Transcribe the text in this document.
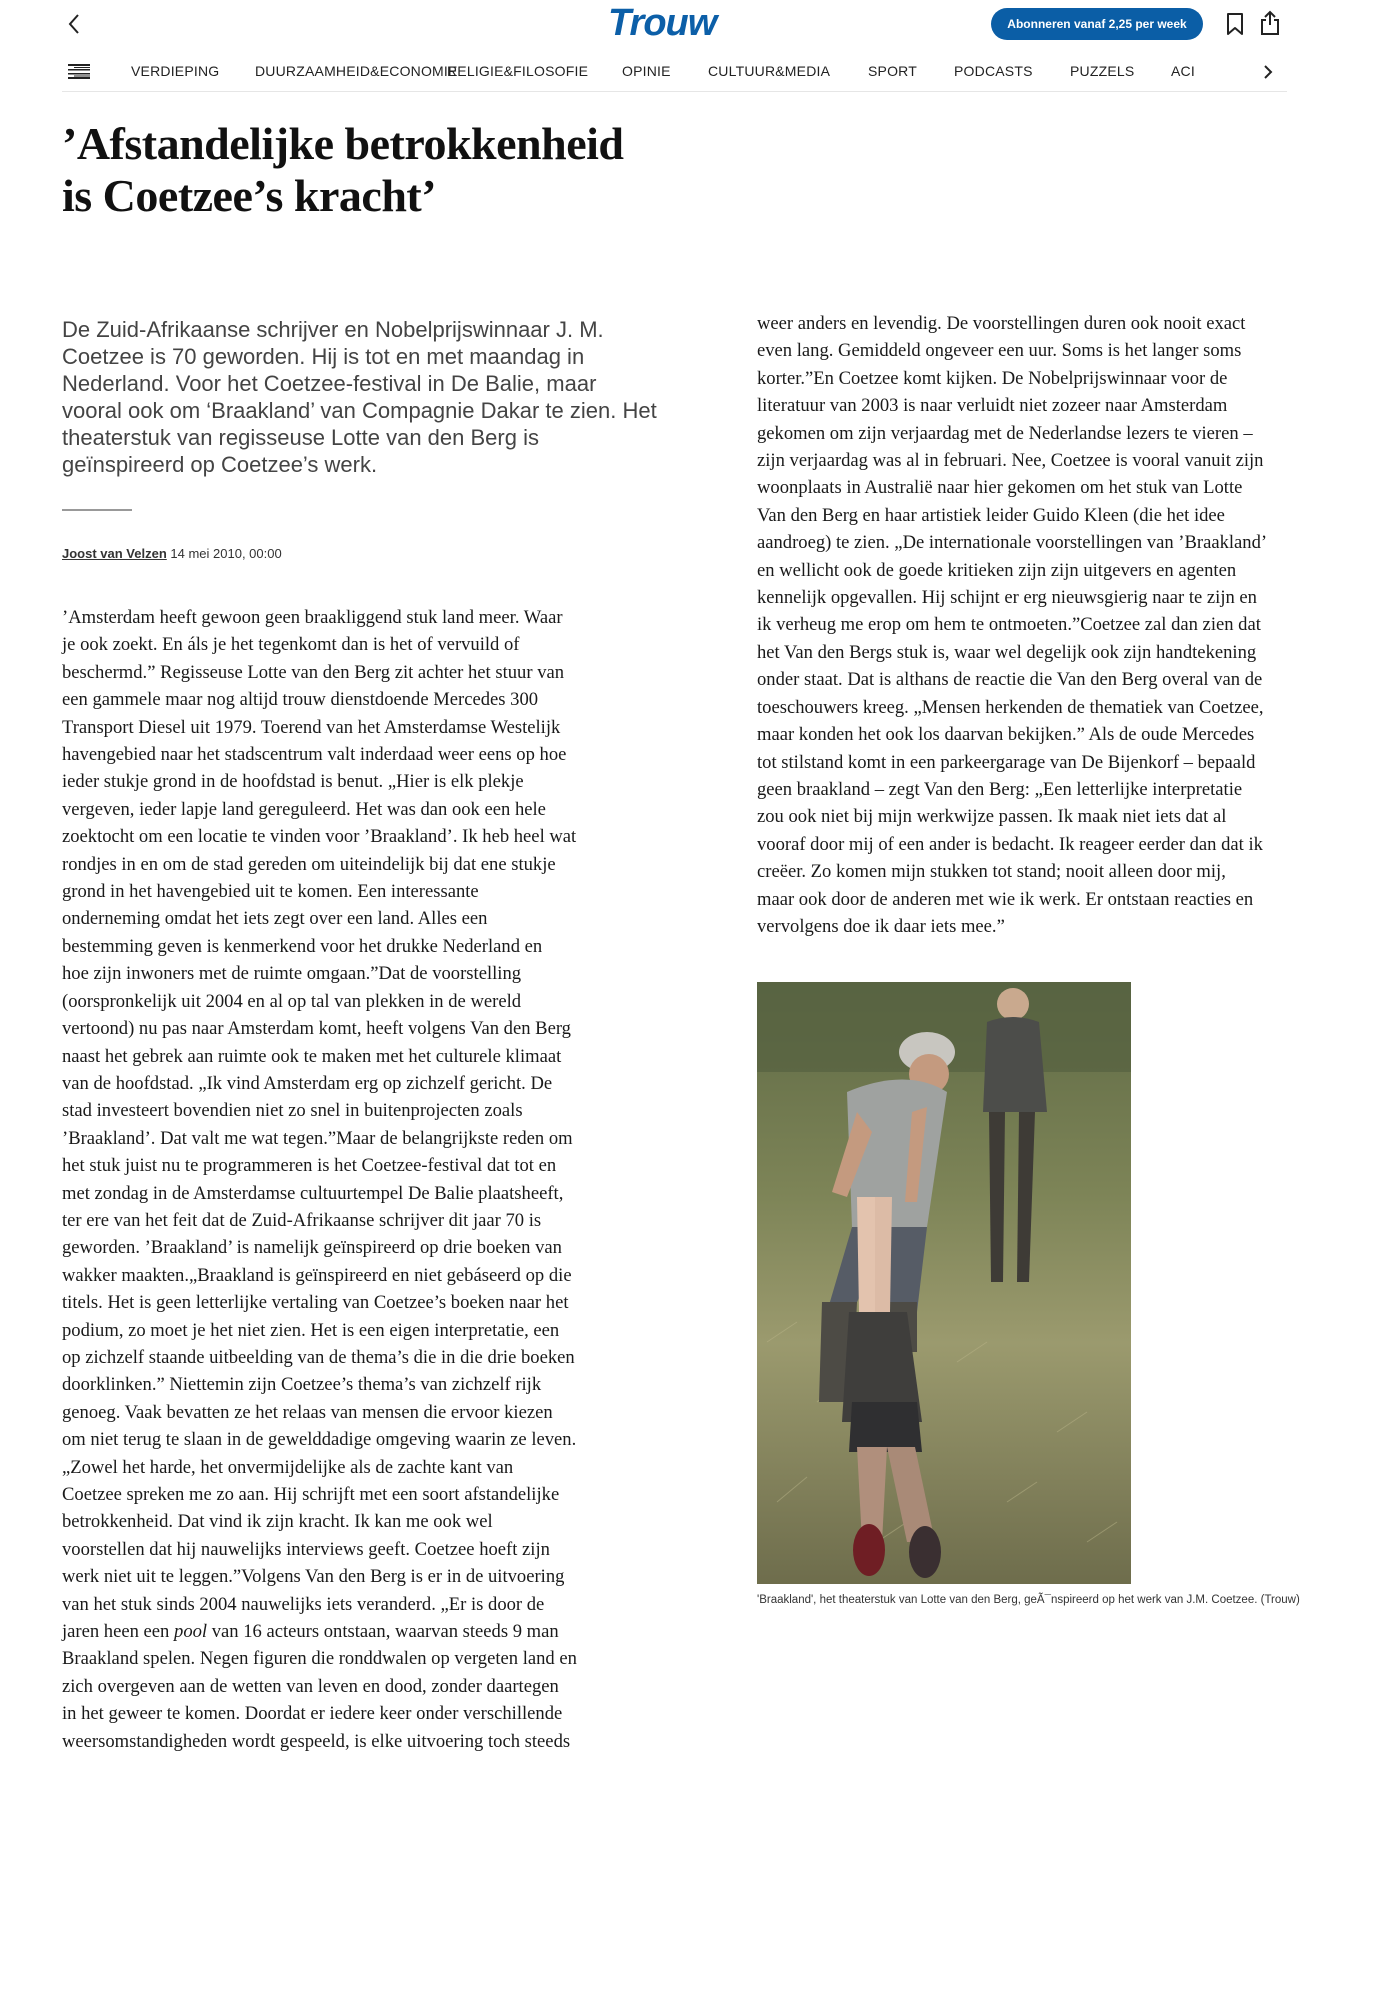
Trouw	Abonneren vanaf 2,25 per week
VERDIEPING	DUURZAAMHEID&ECONOMIE
RELIGIE&FILOSOFIE OPINIE	CULTUUR&MEDIA	SPORT	PODCASTS	PUZZELS	ACI
’Afstandelijke betrokkenheid is Coetzee’s kracht’

De Zuid-Afrikaanse schrijver en Nobelprijswinnaar J. M. Coetzee is 70 geworden. Hij is tot en met maandag in Nederland. Voor het Coetzee-festival in De Balie, maar vooral ook om ‘Braakland’ van Compagnie Dakar te zien. Het theaterstuk van regisseuse Lotte van den Berg is geïnspireerd op Coetzee’s werk.

Joost van Velzen 14 mei 2010, 00:00
’Amsterdam heeft gewoon geen braakliggend stuk land meer. Waar
je ook zoekt. En áls je het tegenkomt dan is het of vervuild of
beschermd.” Regisseuse Lotte van den Berg zit achter het stuur van
een gammele maar nog altijd trouw dienstdoende Mercedes 300
Transport Diesel uit 1979. Toerend van het Amsterdamse Westelijk
havengebied naar het stadscentrum valt inderdaad weer eens op hoe
ieder stukje grond in de hoofdstad is benut. „Hier is elk plekje
vergeven, ieder lapje land gereguleerd. Het was dan ook een hele
zoektocht om een locatie te vinden voor ’Braakland’. Ik heb heel wat
rondjes in en om de stad gereden om uiteindelijk bij dat ene stukje
grond in het havengebied uit te komen. Een interessante
onderneming omdat het iets zegt over een land. Alles een
bestemming geven is kenmerkend voor het drukke Nederland en
hoe zijn inwoners met de ruimte omgaan.”Dat de voorstelling
(oorspronkelijk uit 2004 en al op tal van plekken in de wereld
vertoond) nu pas naar Amsterdam komt, heeft volgens Van den Berg
naast het gebrek aan ruimte ook te maken met het culturele klimaat
van de hoofdstad. „Ik vind Amsterdam erg op zichzelf gericht. De
stad investeert bovendien niet zo snel in buitenprojecten zoals
’Braakland’. Dat valt me wat tegen.”Maar de belangrijkste reden om
het stuk juist nu te programmeren is het Coetzee-festival dat tot en
met zondag in de Amsterdamse cultuurtempel De Balie plaatsheeft,
ter ere van het feit dat de Zuid-Afrikaanse schrijver dit jaar 70 is
geworden. ’Braakland’ is namelijk geïnspireerd op drie boeken van
wakker maakten.„Braakland is geïnspireerd en niet gebáseerd op die
titels. Het is geen letterlijke vertaling van Coetzee’s boeken naar het
podium, zo moet je het niet zien. Het is een eigen interpretatie, een
op zichzelf staande uitbeelding van de thema’s die in die drie boeken
doorklinken.” Niettemin zijn Coetzee’s thema’s van zichzelf rijk
genoeg. Vaak bevatten ze het relaas van mensen die ervoor kiezen
om niet terug te slaan in de gewelddadige omgeving waarin ze leven.
„Zowel het harde, het onvermijdelijke als de zachte kant van
Coetzee spreken me zo aan. Hij schrijft met een soort afstandelijke
betrokkenheid. Dat vind ik zijn kracht. Ik kan me ook wel
voorstellen dat hij nauwelijks interviews geeft. Coetzee hoeft zijn
werk niet uit te leggen.”Volgens Van den Berg is er in de uitvoering
van het stuk sinds 2004 nauwelijks iets veranderd. „Er is door de
jaren heen een pool van 16 acteurs ontstaan, waarvan steeds 9 man
Braakland spelen. Negen figuren die ronddwalen op vergeten land en
zich overgeven aan de wetten van leven en dood, zonder daartegen
in het geweer te komen. Doordat er iedere keer onder verschillende
weersomstandigheden wordt gespeeld, is elke uitvoering toch steeds
weer anders en levendig. De voorstellingen duren ook nooit exact
even lang. Gemiddeld ongeveer een uur. Soms is het langer soms
korter.”En Coetzee komt kijken. De Nobelprijswinnaar voor de
literatuur van 2003 is naar verluidt niet zozeer naar Amsterdam
gekomen om zijn verjaardag met de Nederlandse lezers te vieren –
zijn verjaardag was al in februari. Nee, Coetzee is vooral vanuit zijn
woonplaats in Australië naar hier gekomen om het stuk van Lotte
Van den Berg en haar artistiek leider Guido Kleen (die het idee
aandroeg) te zien. „De internationale voorstellingen van ’Braakland’
en wellicht ook de goede kritieken zijn zijn uitgevers en agenten
kennelijk opgevallen. Hij schijnt er erg nieuwsgierig naar te zijn en
ik verheug me erop om hem te ontmoeten.”Coetzee zal dan zien dat
het Van den Bergs stuk is, waar wel degelijk ook zijn handtekening
onder staat. Dat is althans de reactie die Van den Berg overal van de
toeschouwers kreeg. „Mensen herkenden de thematiek van Coetzee,
maar konden het ook los daarvan bekijken.” Als de oude Mercedes
tot stilstand komt in een parkeergarage van De Bijenkorf – bepaald
geen braakland – zegt Van den Berg: „Een letterlijke interpretatie
zou ook niet bij mijn werkwijze passen. Ik maak niet iets dat al
vooraf door mij of een ander is bedacht. Ik reageer eerder dan dat ik
creëer. Zo komen mijn stukken tot stand; nooit alleen door mij,
maar ook door de anderen met wie ik werk. Er ontstaan reacties en
vervolgens doe ik daar iets mee.”
'Braakland', het theaterstuk van Lotte van den Berg, geÃ¯nspireerd op het werk van J.M. Coetzee. (Trouw)
